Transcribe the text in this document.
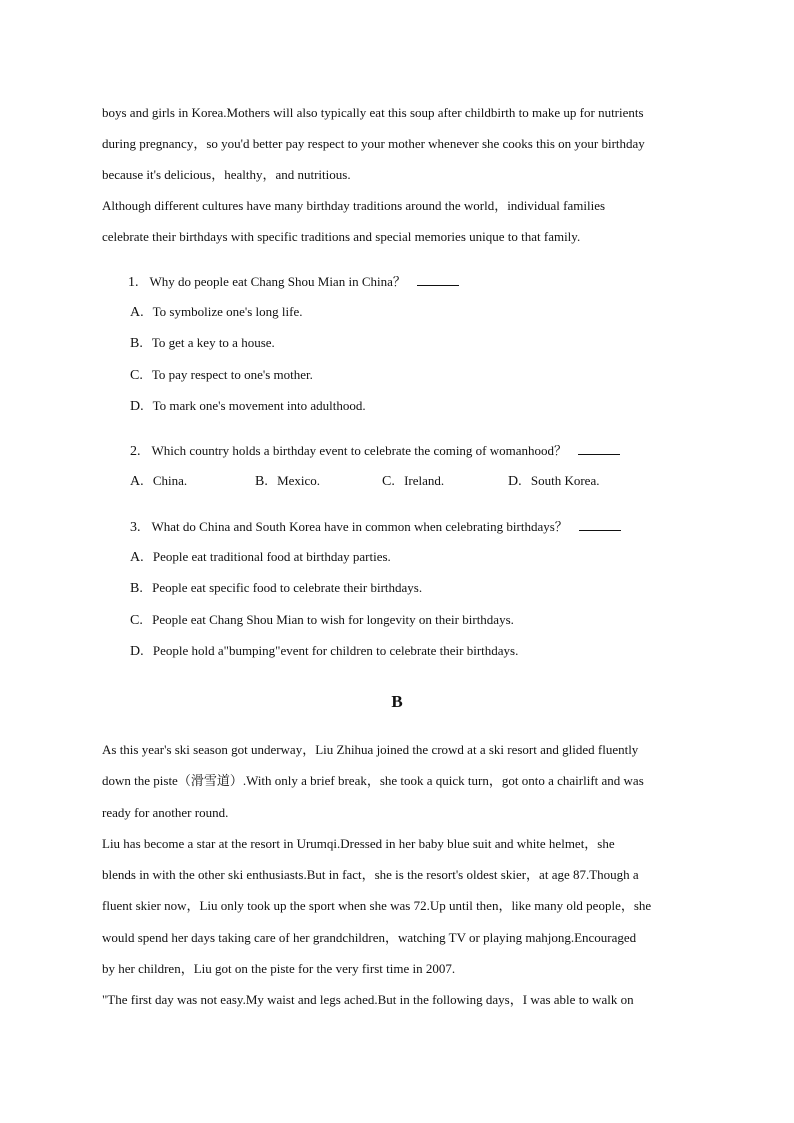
boys and girls in Korea.Mothers will also typically eat this soup after childbirth to make up for nutrients
during pregnancy，so you'd better pay respect to your mother whenever she cooks this on your birthday
because it's delicious，healthy，and nutritious.
Although different cultures have many birthday traditions around the world，individual families
celebrate their birthdays with specific traditions and special memories unique to that family.
1. Why do people eat Chang Shou Mian in China？
A. To symbolize one's long life.
B. To get a key to a house.
C. To pay respect to one's mother.
D. To mark one's movement into adulthood.
2. Which country holds a birthday event to celebrate the coming of womanhood？
A. China.	B. Mexico.	C. Ireland.	D. South Korea.
3. What do China and South Korea have in common when celebrating birthdays？
A. People eat traditional food at birthday parties.
B. People eat specific food to celebrate their birthdays.
C. People eat Chang Shou Mian to wish for longevity on their birthdays.
D. People hold a"bumping"event for children to celebrate their birthdays.
B
As this year's ski season got underway，Liu Zhihua joined the crowd at a ski resort and glided fluently
down the piste（滑雪道）.With only a brief break，she took a quick turn，got onto a chairlift and was
ready for another round.
Liu has become a star at the resort in Urumqi.Dressed in her baby blue suit and white helmet，she
blends in with the other ski enthusiasts.But in fact，she is the resort's oldest skier，at age 87.Though a
fluent skier now，Liu only took up the sport when she was 72.Up until then，like many old people，she
would spend her days taking care of her grandchildren，watching TV or playing mahjong.Encouraged
by her children，Liu got on the piste for the very first time in 2007.
"The first day was not easy.My waist and legs ached.But in the following days，I was able to walk on
